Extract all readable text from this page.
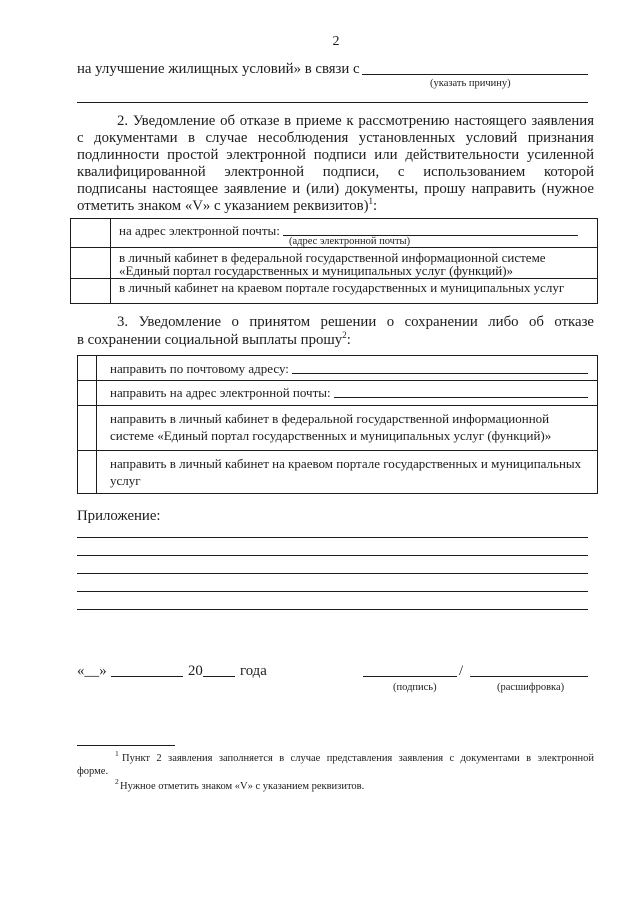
2
на улучшение жилищных условий» в связи с
(указать причину)
2. Уведомление об отказе в приеме к рассмотрению настоящего заявления
с документами в случае несоблюдения установленных условий признания
подлинности простой электронной подписи или действительности усиленной
квалифицированной электронной подписи, с использованием которой
подписаны настоящее заявление и (или) документы, прошу направить (нужное
отметить знаком «V» с указанием реквизитов)$^1$:
на адрес электронной почты:
(адрес электронной почты)
в личный кабинет в федеральной государственной информационной системе
«Единый портал государственных и муниципальных услуг (функций)»
в личный кабинет на краевом портале государственных и муниципальных услуг
3. Уведомление о принятом решении о сохранении либо об отказе
в сохранении социальной выплаты прошу$^2$:
направить по почтовому адресу:
направить на адрес электронной почты:
направить в личный кабинет в федеральной государственной информационной
системе «Единый портал государственных и муниципальных услуг (функций)»
направить в личный кабинет на краевом портале государственных и муниципальных
услуг
Приложение:
«__»	20	года	/
(подпись)	(расшифровка)
1 Пункт 2 заявления заполняется в случае представления заявления с документами в электронной
форме.
2 Нужное отметить знаком «V» с указанием реквизитов.
